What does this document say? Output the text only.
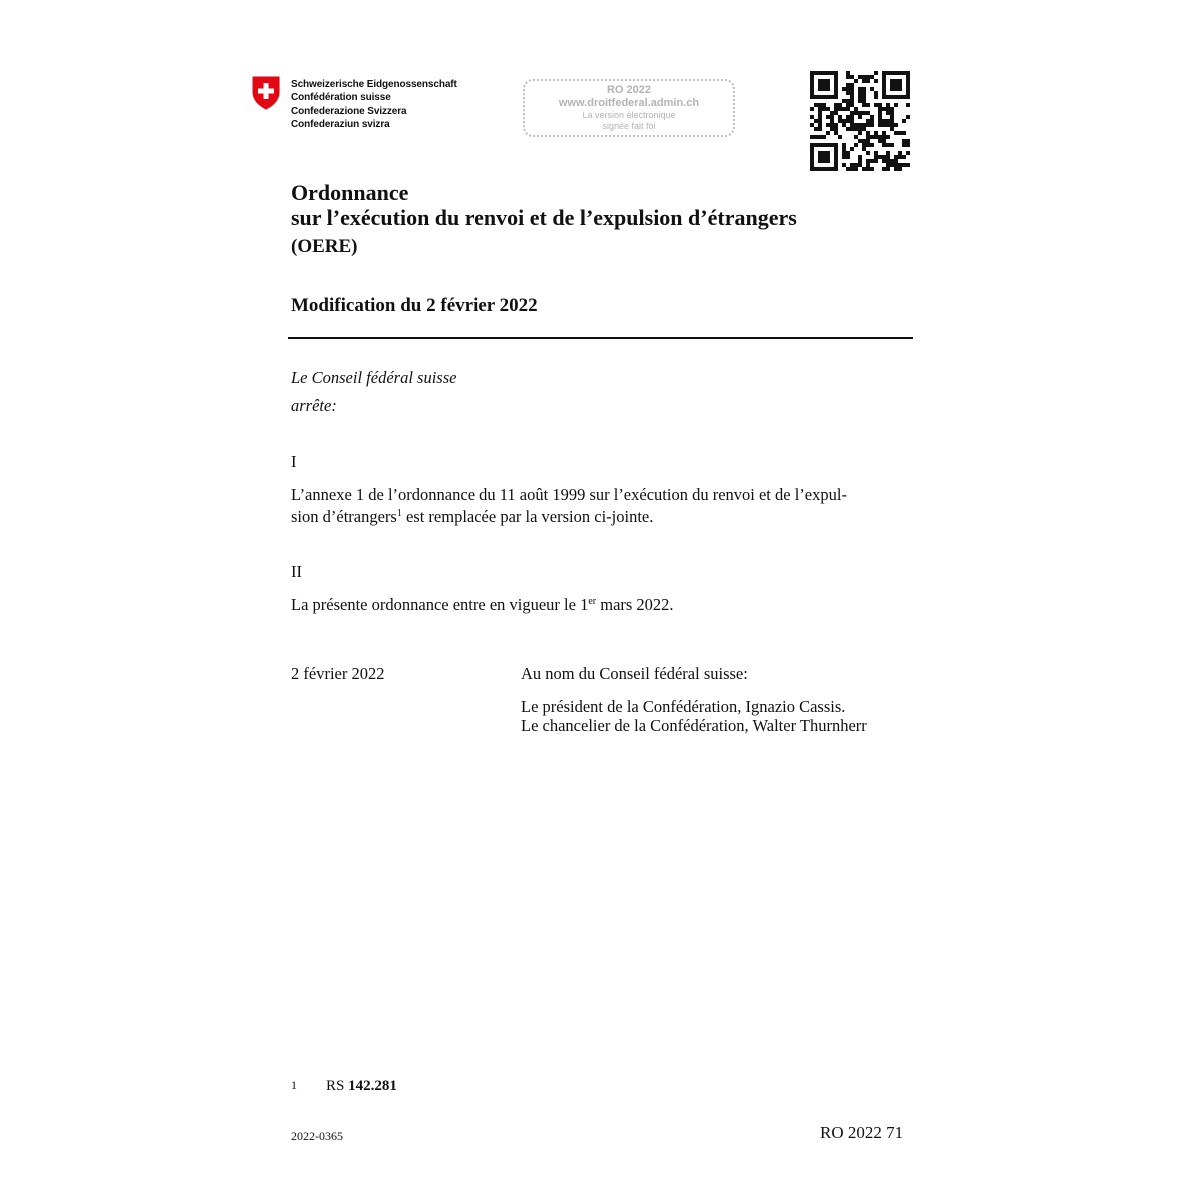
Schweizerische Eidgenossenschaft
Confédération suisse
Confederazione Svizzera
Confederaziun svizra
RO 2022
www.droitfederal.admin.ch
La version électronique
signée fait foi
Ordonnance
sur l’exécution du renvoi et de l’expulsion d’étrangers
(OERE)
Modification du 2 février 2022
Le Conseil fédéral suisse
arrête:
I
L’annexe 1 de l’ordonnance du 11 août 1999 sur l’exécution du renvoi et de l’expul-
sion d’étrangers$^1$ est remplacée par la version ci-jointe.
II
La présente ordonnance entre en vigueur le 1er mars 2022.
2 février 2022	Au nom du Conseil fédéral suisse:
Le président de la Confédération, Ignazio Cassis.
Le chancelier de la Confédération, Walter Thurnherr
1 RS 142.281
2022-0365	RO 2022 71
